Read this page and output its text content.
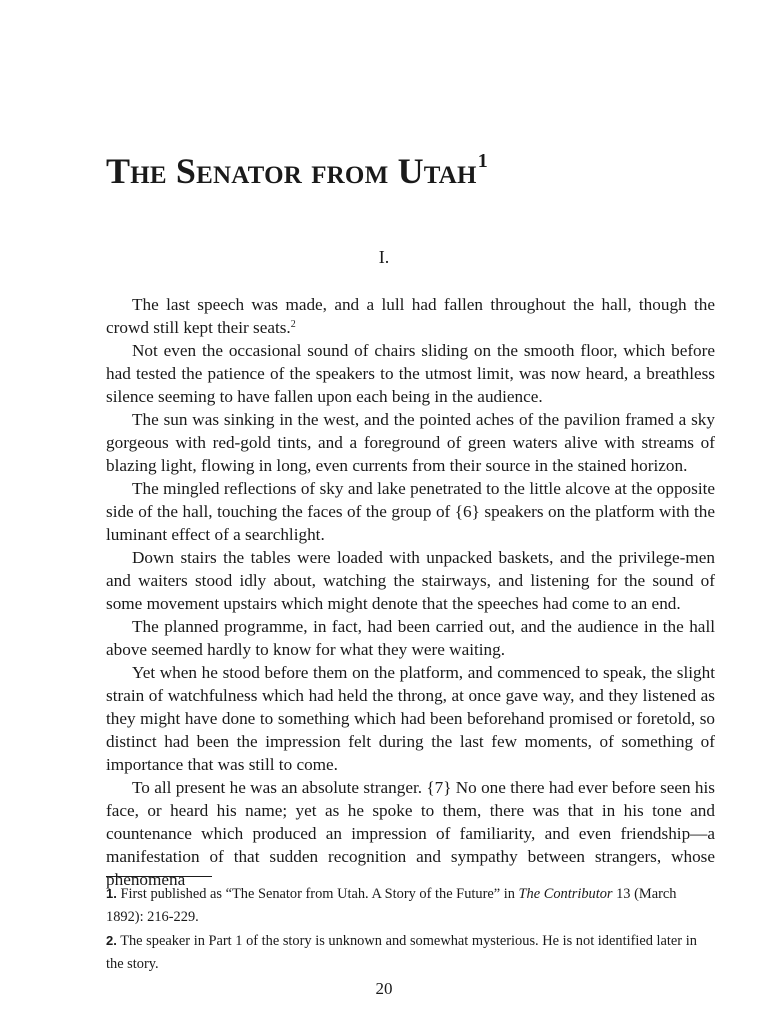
The Senator from Utah$^1$
I.

The last speech was made, and a lull had fallen throughout the hall, though the crowd still kept their seats.$^2$

Not even the occasional sound of chairs sliding on the smooth floor, which before had tested the patience of the speakers to the utmost limit, was now heard, a breathless silence seeming to have fallen upon each being in the audience.

The sun was sinking in the west, and the pointed aches of the pavilion framed a sky gorgeous with red-gold tints, and a foreground of green waters alive with streams of blazing light, flowing in long, even currents from their source in the stained horizon.

The mingled reflections of sky and lake penetrated to the little alcove at the opposite side of the hall, touching the faces of the group of {6} speakers on the platform with the luminant effect of a searchlight.

Down stairs the tables were loaded with unpacked baskets, and the privilege-men and waiters stood idly about, watching the stairways, and listening for the sound of some movement upstairs which might denote that the speeches had come to an end.

The planned programme, in fact, had been carried out, and the audience in the hall above seemed hardly to know for what they were waiting.

Yet when he stood before them on the platform, and commenced to speak, the slight strain of watchfulness which had held the throng, at once gave way, and they listened as they might have done to something which had been beforehand promised or foretold, so distinct had been the impression felt during the last few moments, of something of importance that was still to come.

To all present he was an absolute stranger. {7} No one there had ever before seen his face, or heard his name; yet as he spoke to them, there was that in his tone and countenance which produced an impression of familiarity, and even friendship—a manifestation of that sudden recognition and sympathy between strangers, whose phenomena

1. First published as “The Senator from Utah. A Story of the Future” in The Contributor 13 (March 1892): 216-229.

2. The speaker in Part 1 of the story is unknown and somewhat mysterious. He is not identified later in the story.

20
